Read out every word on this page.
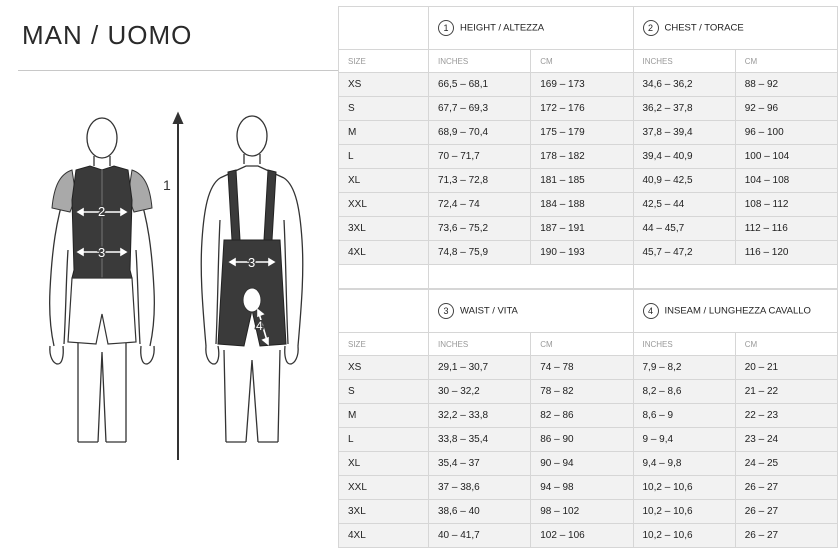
MAN / UOMO
2
3
3
4
1
	1 HEIGHT / ALTEZZA		2 CHEST / TORACE	
SIZE	INCHES	CM	INCHES	CM
XS	66,5 – 68,1	169 – 173	34,6 – 36,2	88 – 92
S	67,7 – 69,3	172 – 176	36,2 – 37,8	92 – 96
M	68,9 – 70,4	175 – 179	37,8 – 39,4	96 – 100
L	70 – 71,7	178 – 182	39,4 – 40,9	100 – 104
XL	71,3 – 72,8	181 – 185	40,9 – 42,5	104 – 108
XXL	72,4 – 74	184 – 188	42,5 – 44	108 – 112
3XL	73,6 – 75,2	187 – 191	44 – 45,7	112 – 116
4XL	74,8 – 75,9	190 – 193	45,7 – 47,2	116 – 120

	3 WAIST / VITA		4 INSEAM / LUNGHEZZA CAVALLO	
SIZE	INCHES	CM	INCHES	CM
XS	29,1 – 30,7	74 – 78	7,9 – 8,2	20 – 21
S	30 – 32,2	78 – 82	8,2 – 8,6	21 – 22
M	32,2 – 33,8	82 – 86	8,6 – 9	22 – 23
L	33,8 – 35,4	86 – 90	9 – 9,4	23 – 24
XL	35,4 – 37	90 – 94	9,4 – 9,8	24 – 25
XXL	37 – 38,6	94 – 98	10,2 – 10,6	26 – 27
3XL	38,6 – 40	98 – 102	10,2 – 10,6	26 – 27
4XL	40 – 41,7	102 – 106	10,2 – 10,6	26 – 27
